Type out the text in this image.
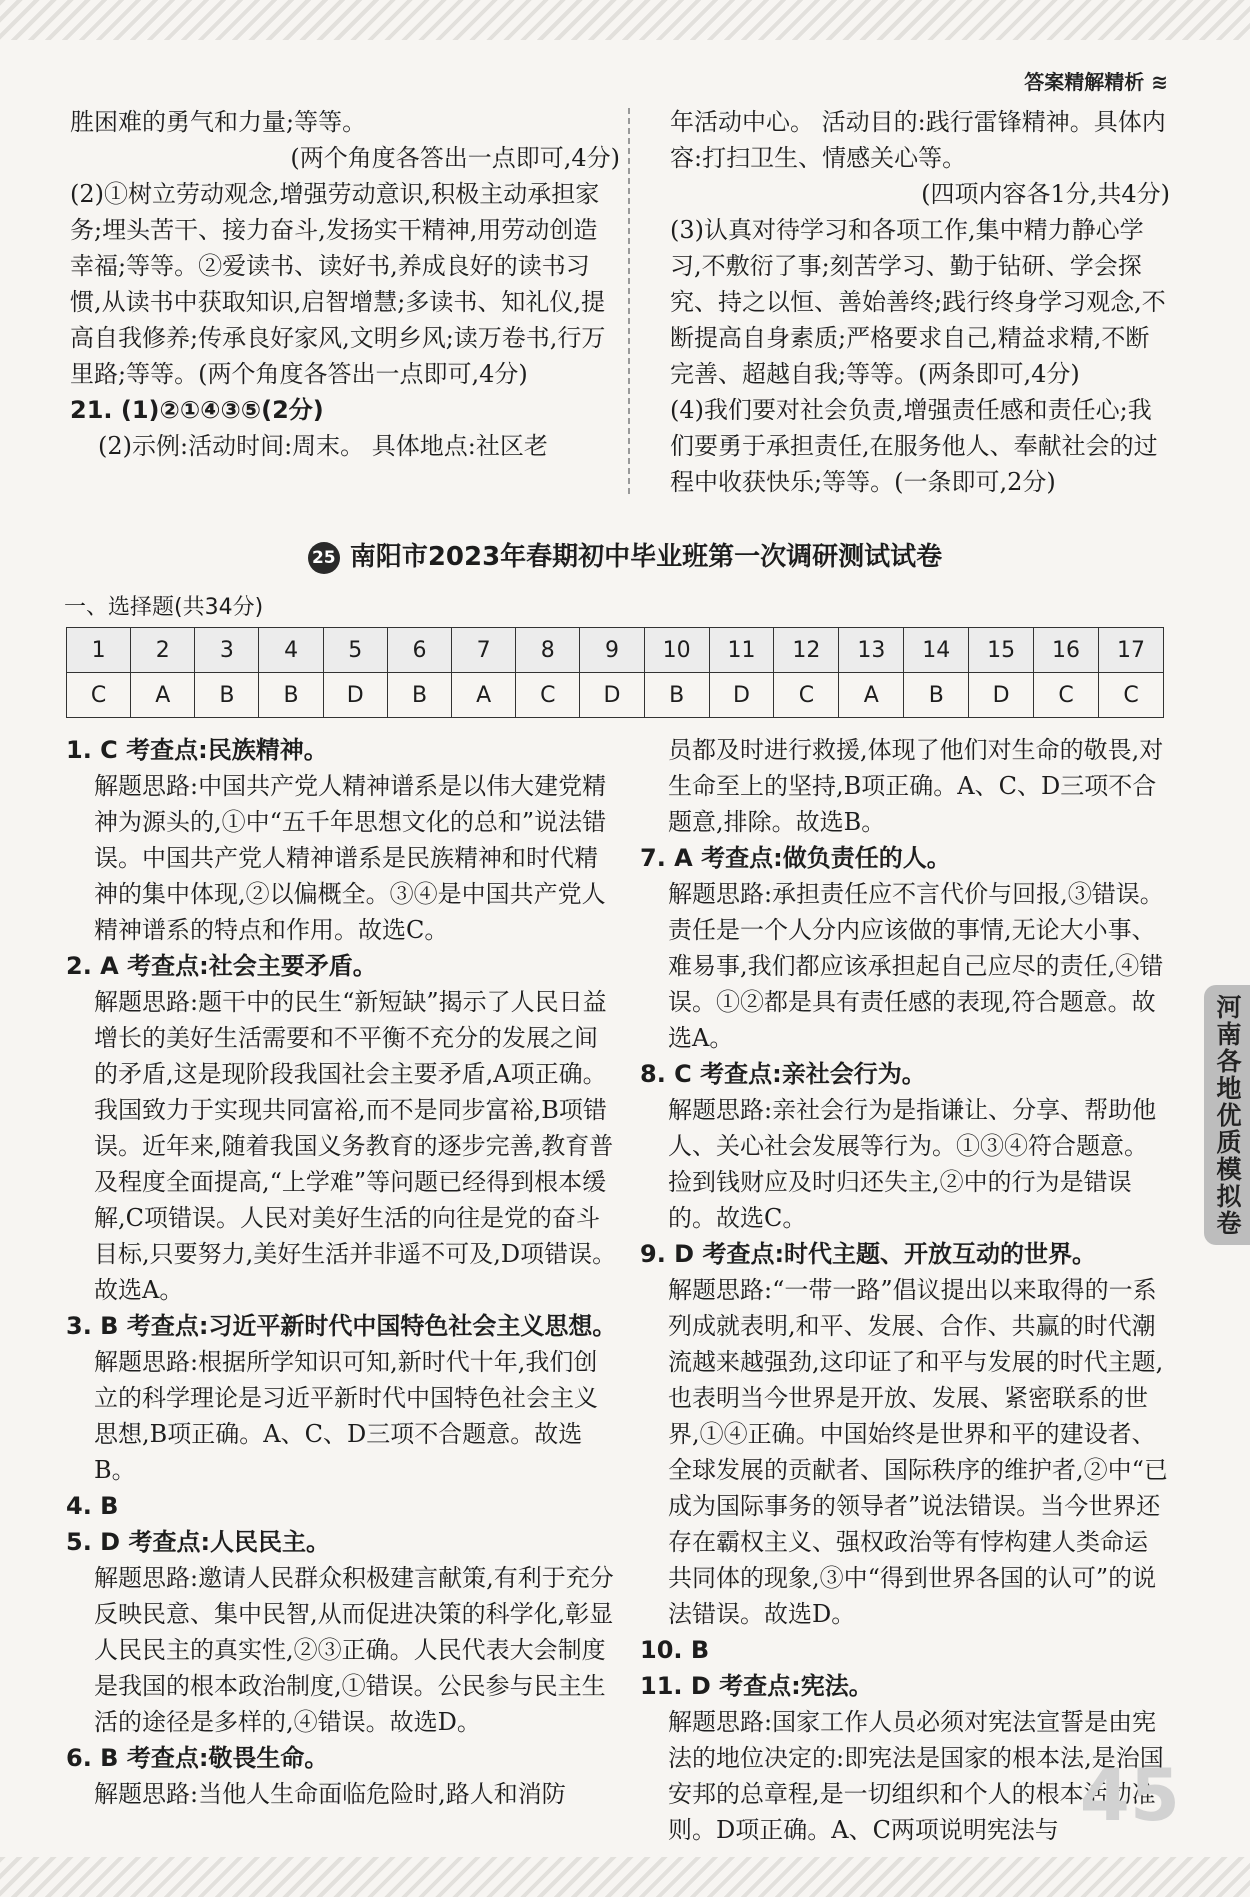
答案精解精析 ≋

胜困难的勇气和力量;等等。

(两个角度各答出一点即可,4分)

(2)①树立劳动观念,增强劳动意识,积极主动承担家务;埋头苦干、接力奋斗,发扬实干精神,用劳动创造幸福;等等。②爱读书、读好书,养成良好的读书习惯,从读书中获取知识,启智增慧;多读书、知礼仪,提高自我修养;传承良好家风,文明乡风;读万卷书,行万里路;等等。(两个角度各答出一点即可,4分)

21. (1)②①④③⑤(2分)

(2)示例:活动时间:周末。 具体地点:社区老

年活动中心。 活动目的:践行雷锋精神。具体内容:打扫卫生、情感关心等。

(四项内容各1分,共4分)

(3)认真对待学习和各项工作,集中精力静心学习,不敷衍了事;刻苦学习、勤于钻研、学会探究、持之以恒、善始善终;践行终身学习观念,不断提高自身素质;严格要求自己,精益求精,不断完善、超越自我;等等。(两条即可,4分)

(4)我们要对社会负责,增强责任感和责任心;我们要勇于承担责任,在服务他人、奉献社会的过程中收获快乐;等等。(一条即可,2分)

25 南阳市2023年春期初中毕业班第一次调研测试试卷
一、选择题(共34分)
1	2	3	4	5	6	7	8	9	10	11	12	13	14	15	16	17
C	A	B	B	D	B	A	C	D	B	D	C	A	B	D	C	C

1. C 考查点:民族精神。

解题思路:中国共产党人精神谱系是以伟大建党精神为源头的,①中“五千年思想文化的总和”说法错误。中国共产党人精神谱系是民族精神和时代精神的集中体现,②以偏概全。③④是中国共产党人精神谱系的特点和作用。故选C。

2. A 考查点:社会主要矛盾。

解题思路:题干中的民生“新短缺”揭示了人民日益增长的美好生活需要和不平衡不充分的发展之间的矛盾,这是现阶段我国社会主要矛盾,A项正确。我国致力于实现共同富裕,而不是同步富裕,B项错误。近年来,随着我国义务教育的逐步完善,教育普及程度全面提高,“上学难”等问题已经得到根本缓解,C项错误。人民对美好生活的向往是党的奋斗目标,只要努力,美好生活并非遥不可及,D项错误。故选A。

3. B 考查点:习近平新时代中国特色社会主义思想。

解题思路:根据所学知识可知,新时代十年,我们创立的科学理论是习近平新时代中国特色社会主义思想,B项正确。A、C、D三项不合题意。故选B。

4. B

5. D 考查点:人民民主。

解题思路:邀请人民群众积极建言献策,有利于充分反映民意、集中民智,从而促进决策的科学化,彰显人民民主的真实性,②③正确。人民代表大会制度是我国的根本政治制度,①错误。公民参与民主生活的途径是多样的,④错误。故选D。

6. B 考查点:敬畏生命。

解题思路:当他人生命面临危险时,路人和消防

员都及时进行救援,体现了他们对生命的敬畏,对生命至上的坚持,B项正确。A、C、D三项不合题意,排除。故选B。

7. A 考查点:做负责任的人。

解题思路:承担责任应不言代价与回报,③错误。责任是一个人分内应该做的事情,无论大小事、难易事,我们都应该承担起自己应尽的责任,④错误。①②都是具有责任感的表现,符合题意。故选A。

8. C 考查点:亲社会行为。

解题思路:亲社会行为是指谦让、分享、帮助他人、关心社会发展等行为。①③④符合题意。捡到钱财应及时归还失主,②中的行为是错误的。故选C。

9. D 考查点:时代主题、开放互动的世界。

解题思路:“一带一路”倡议提出以来取得的一系列成就表明,和平、发展、合作、共赢的时代潮流越来越强劲,这印证了和平与发展的时代主题,也表明当今世界是开放、发展、紧密联系的世界,①④正确。中国始终是世界和平的建设者、全球发展的贡献者、国际秩序的维护者,②中“已成为国际事务的领导者”说法错误。当今世界还存在霸权主义、强权政治等有悖构建人类命运共同体的现象,③中“得到世界各国的认可”的说法错误。故选D。

10. B

11. D 考查点:宪法。

解题思路:国家工作人员必须对宪法宣誓是由宪法的地位决定的:即宪法是国家的根本法,是治国安邦的总章程,是一切组织和个人的根本活动准则。D项正确。A、C两项说明宪法与

河南各地优质模拟卷
45
